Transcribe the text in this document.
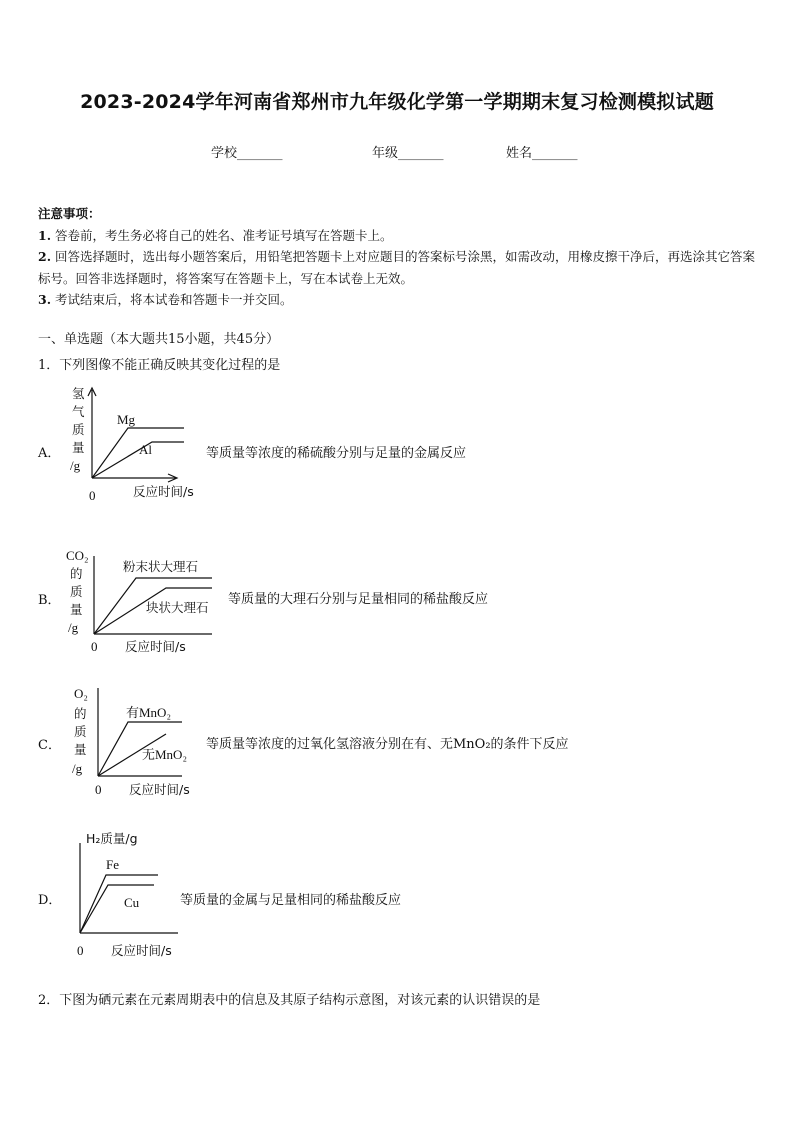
2023-2024学年河南省郑州市九年级化学第一学期期末复习检测模拟试题
学校_______	年级_______	姓名_______
注意事项：
1. 答卷前，考生务必将自己的姓名、准考证号填写在答题卡上。
2. 回答选择题时，选出每小题答案后，用铅笔把答题卡上对应题目的答案标号涂黑，如需改动，用橡皮擦干净后，再选涂其它答案标号。回答非选择题时，将答案写在答题卡上，写在本试卷上无效。
3. 考试结束后，将本试卷和答题卡一并交回。
一、单选题（本大题共15小题，共45分）
1．下列图像不能正确反映其变化过程的是
A．
氢
气
质
量
/g
Mg
Al
0	反应时间/s
等质量等浓度的稀硫酸分别与足量的金属反应
B．
CO₂
的
质
量
/g
粉末状大理石
块状大理石
0 反应时间/s
等质量的大理石分别与足量相同的稀盐酸反应
C．
O₂
的
质
量
/g
有MnO₂
无MnO₂
0 反应时间/s
等质量等浓度的过氧化氢溶液分别在有、无MnO₂的条件下反应
D．
H₂质量/g
Fe
Cu
0 反应时间/s
等质量的金属与足量相同的稀盐酸反应
2．下图为硒元素在元素周期表中的信息及其原子结构示意图，对该元素的认识错误的是
